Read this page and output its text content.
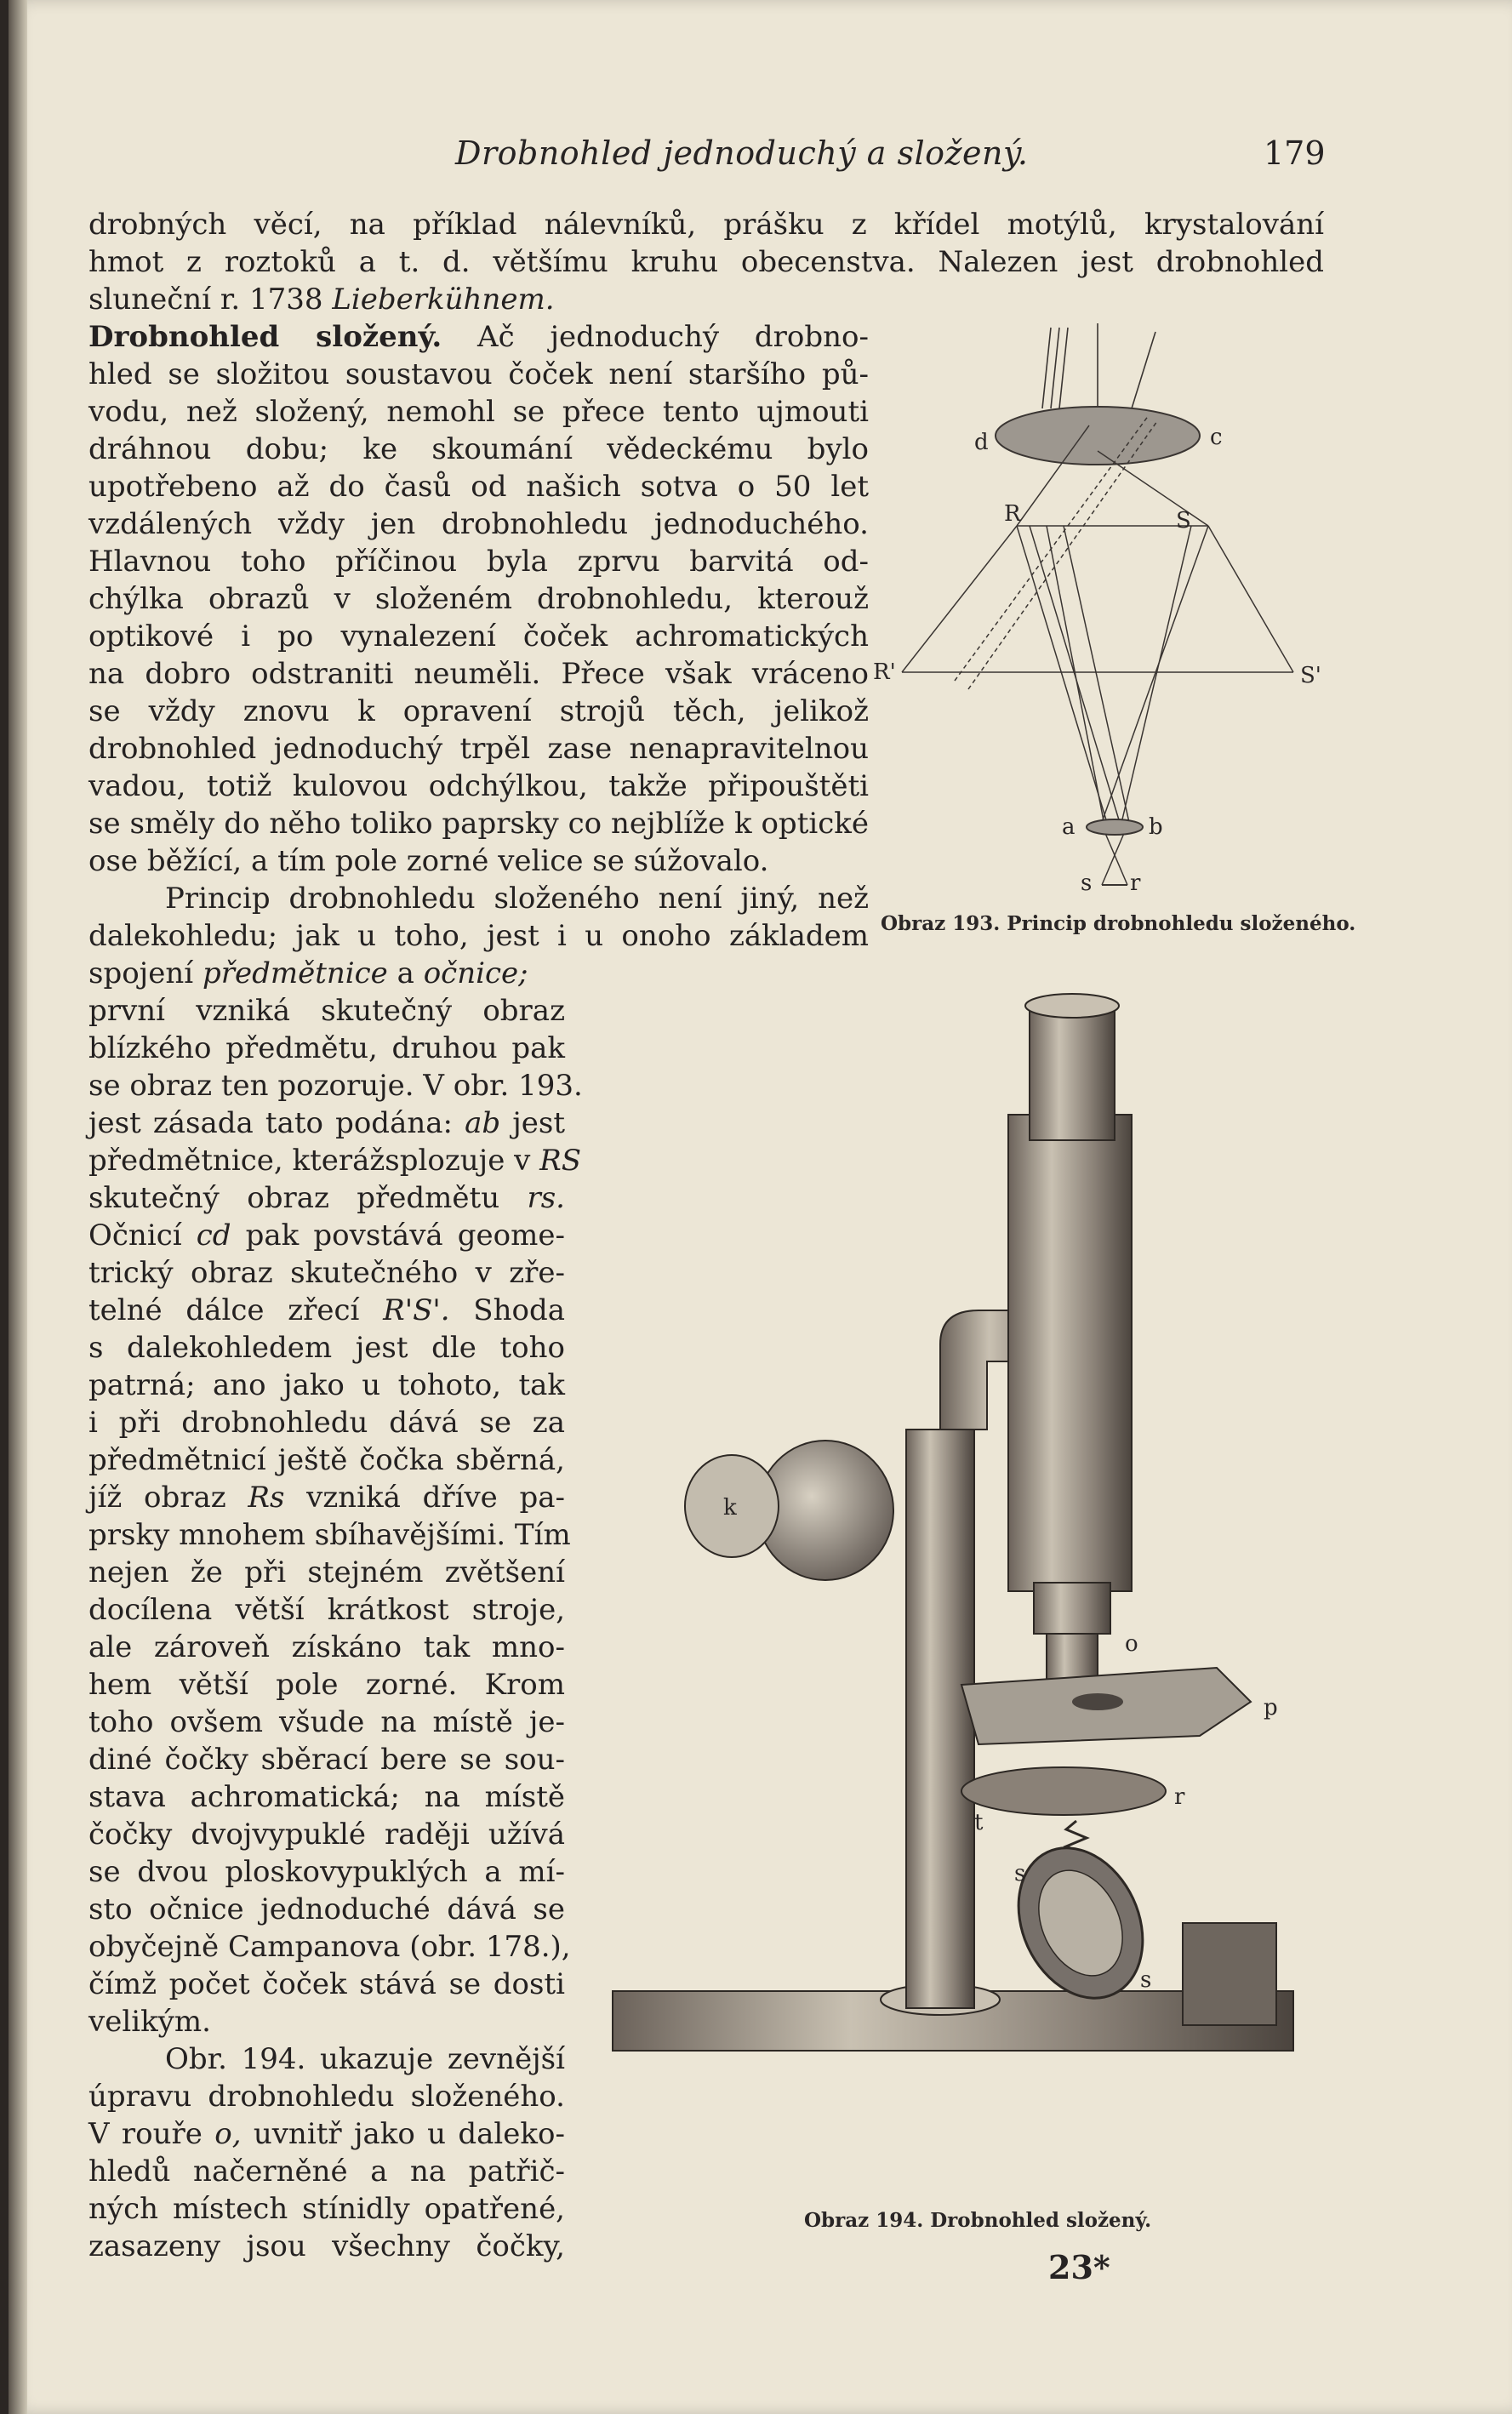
Drobnohled jednoduchý a složený.	179
drobných věcí, na příklad nálevníků, prášku z křídel motýlů, krystalování
hmot z roztoků a t. d. většímu kruhu obecenstva. Nalezen jest drobnohled
sluneční r. 1738 Lieberkühnem.
Drobnohled složený. Ač jednoduchý drobno-
hled se složitou soustavou čoček není staršího pů-
vodu, než složený, nemohl se přece tento ujmouti
dráhnou dobu; ke skoumání vědeckému bylo
upotřebeno až do časů od našich sotva o 50 let
vzdálených vždy jen drobnohledu jednoduchého.
Hlavnou toho příčinou byla zprvu barvitá od-
chýlka obrazů v složeném drobnohledu, kterouž
optikové i po vynalezení čoček achromatických
na dobro odstraniti neuměli. Přece však vráceno
se vždy znovu k opravení strojů těch, jelikož
drobnohled jednoduchý trpěl zase nenapravitelnou
vadou, totiž kulovou odchýlkou, takže připouštěti
se směly do něho toliko paprsky co nejblíže k optické
ose běžící, a tím pole zorné velice se súžovalo.
Princip drobnohledu složeného není jiný, než
dalekohledu; jak u toho, jest i u onoho základem
spojení předmětnice a očnice;
první vzniká skutečný obraz
blízkého předmětu, druhou pak
se obraz ten pozoruje. V obr. 193.
jest zásada tato podána: ab jest
předmětnice, kterážsplozuje v RS
skutečný obraz předmětu rs.
Očnicí cd pak povstává geome-
trický obraz skutečného v zře-
telné dálce zřecí R'S'. Shoda
s dalekohledem jest dle toho
patrná; ano jako u tohoto, tak
i při drobnohledu dává se za
předmětnicí ještě čočka sběrná,
jíž obraz Rs vzniká dříve pa-
prsky mnohem sbíhavějšími. Tím
nejen že při stejném zvětšení
docílena větší krátkost stroje,
ale zároveň získáno tak mno-
hem větší pole zorné. Krom
toho ovšem všude na místě je-
diné čočky sběrací bere se sou-
stava achromatická; na místě
čočky dvojvypuklé raději užívá
se dvou ploskovypuklých a mí-
sto očnice jednoduché dává se
obyčejně Campanova (obr. 178.),
čímž počet čoček stává se dosti
velikým.
Obr. 194. ukazuje zevnější
úpravu drobnohledu složeného.
V rouře o, uvnitř jako u daleko-
hledů načerněné a na patřič-
ných místech stínidly opatřené,
zasazeny jsou všechny čočky,
d	c
R	S
R'	S'
a	b
s r
Obraz 193. Princip drobnohledu složeného.
k
o
p
r
t
s
s
Obraz 194. Drobnohled složený.
23*
